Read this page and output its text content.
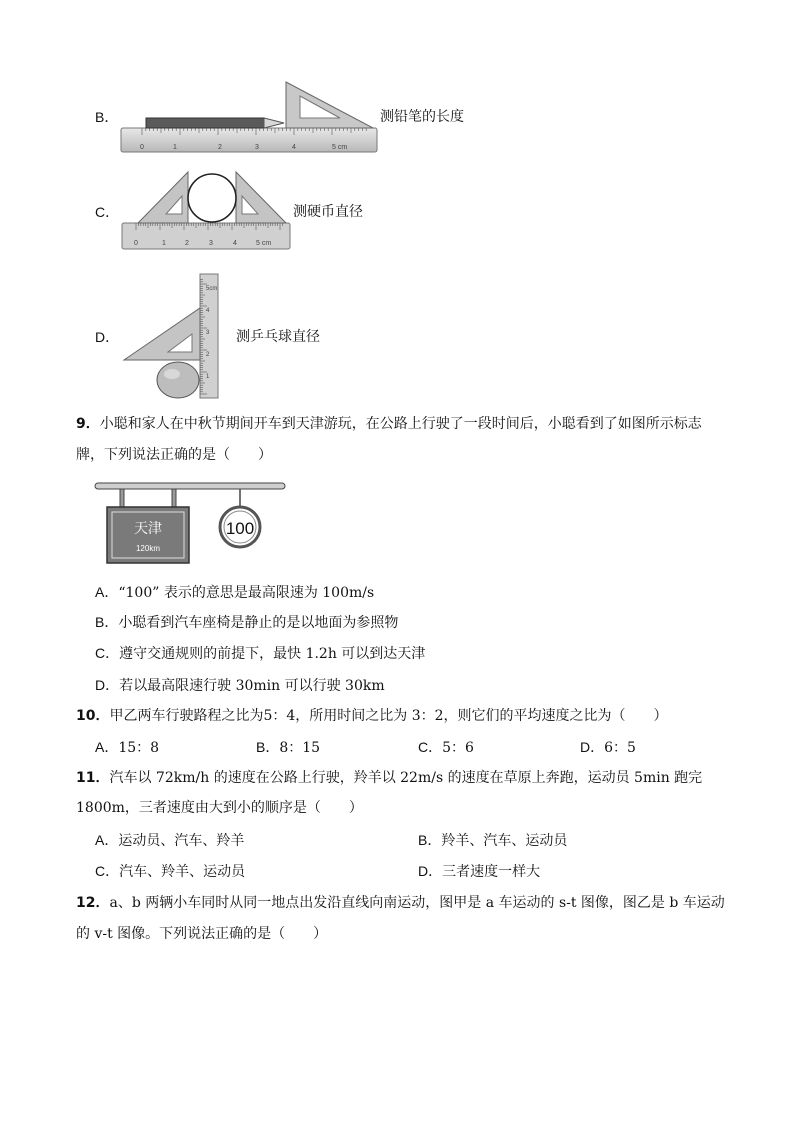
B．
0	1	2	3	4	5 cm
测铅笔的长度
C．
0	1	2	3	4	5 cm
测硬币直径
D．
1
2
3
4
5cm
测乒乓球直径
9．小聪和家人在中秋节期间开车到天津游玩，在公路上行驶了一段时间后，小聪看到了如图所示标志
牌，下列说法正确的是（　　）
天津
120km
100
A．“100” 表示的意思是最高限速为 100m/s
B．小聪看到汽车座椅是静止的是以地面为参照物
C．遵守交通规则的前提下，最快 1.2h 可以到达天津
D．若以最高限速行驶 30min 可以行驶 30km
10．甲乙两车行驶路程之比为5：4，所用时间之比为 3：2，则它们的平均速度之比为（　　）
A．15：8	B．8：15	C．5：6	D．6：5
11．汽车以 72km/h 的速度在公路上行驶，羚羊以 22m/s 的速度在草原上奔跑，运动员 5min 跑完
1800m，三者速度由大到小的顺序是（　　）
A．运动员、汽车、羚羊	B．羚羊、汽车、运动员
C．汽车、羚羊、运动员	D．三者速度一样大
12．a、b 两辆小车同时从同一地点出发沿直线向南运动，图甲是 a 车运动的 s-t 图像，图乙是 b 车运动
的 v-t 图像。下列说法正确的是（　　）
